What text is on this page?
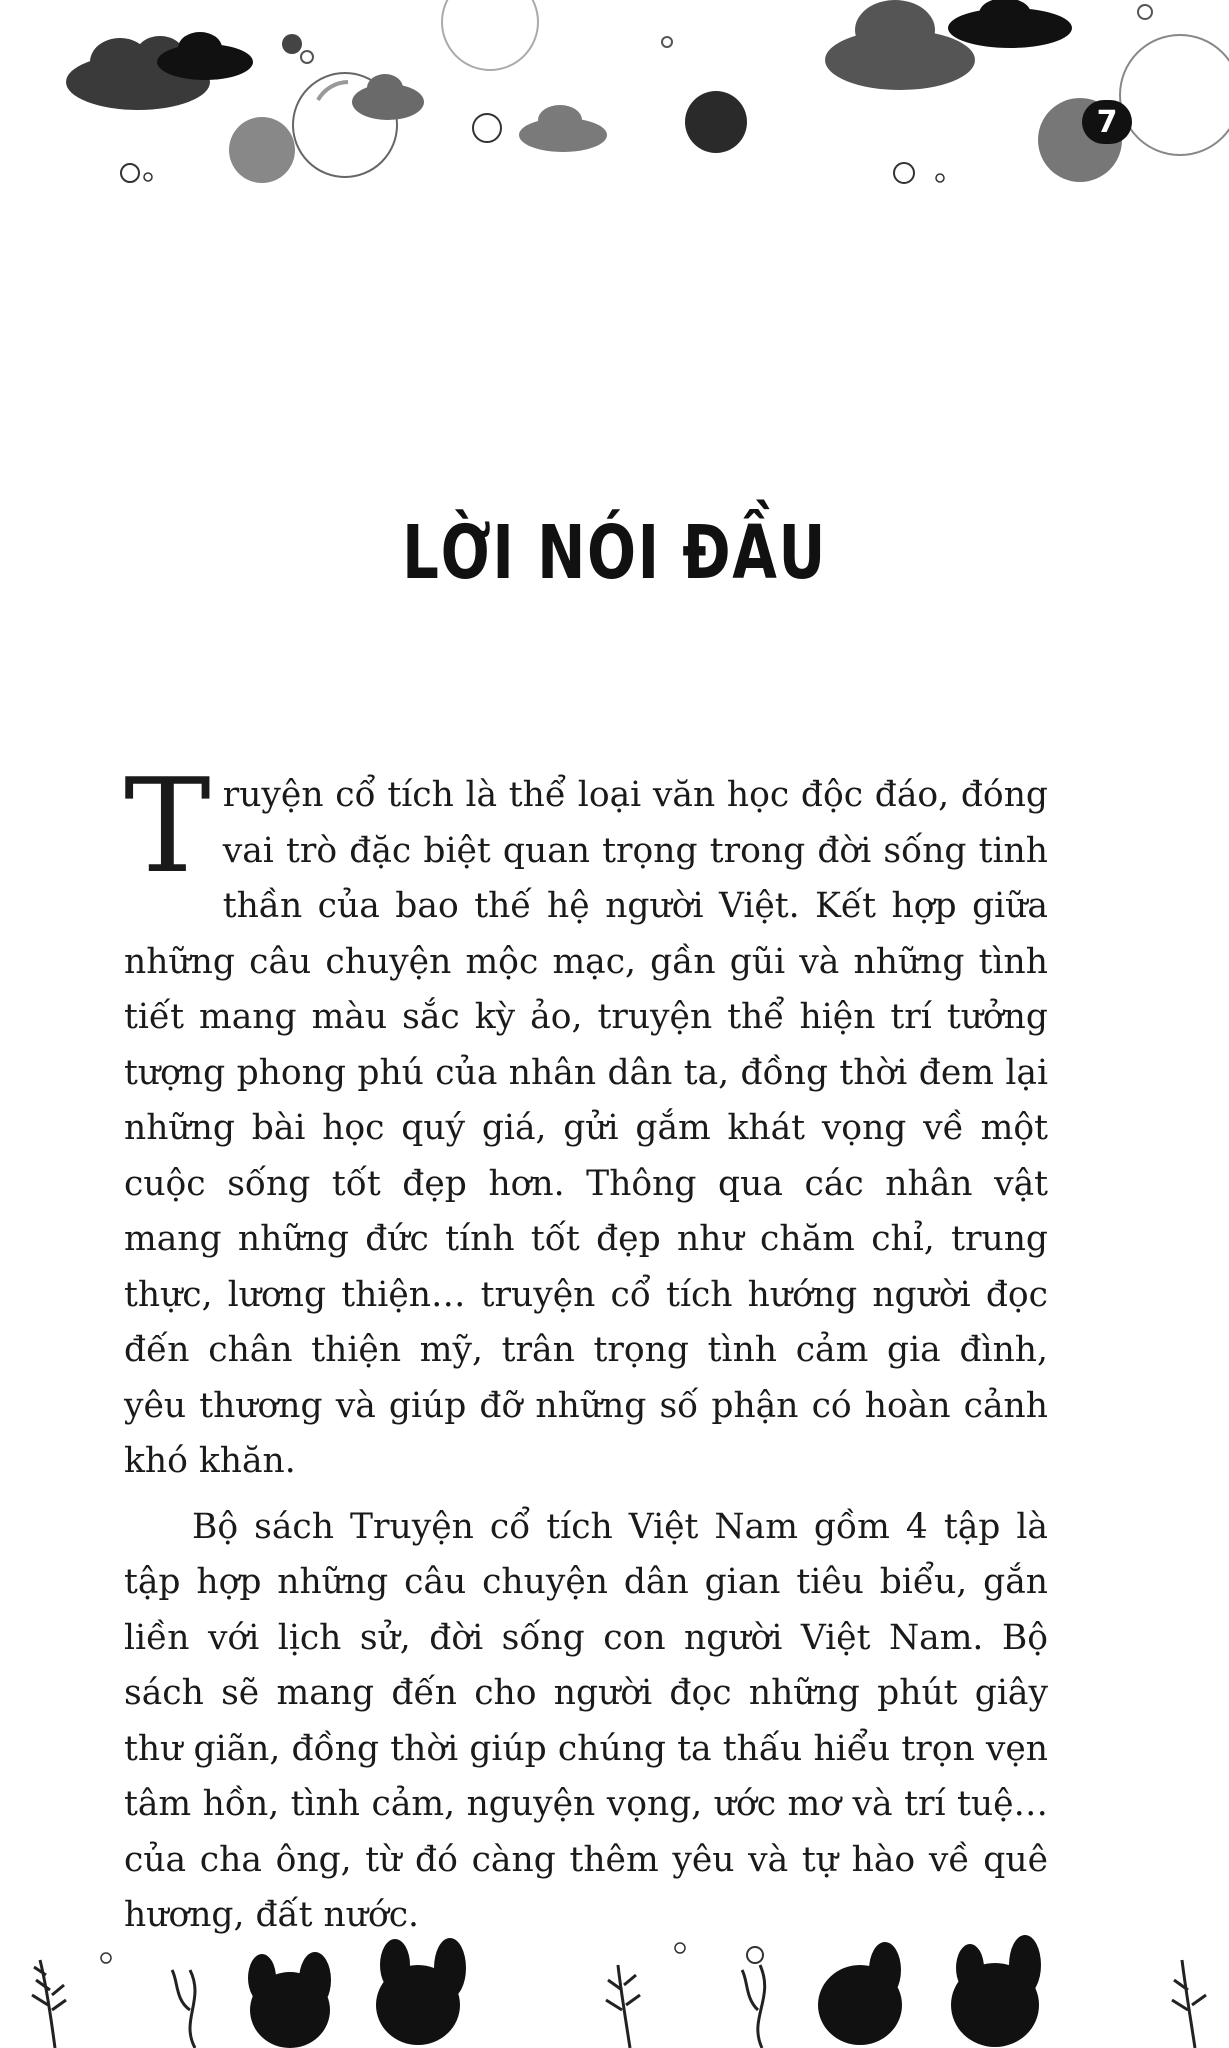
7
LỜI NÓI ĐẦU

Truyện cổ tích là thể loại văn học độc đáo, đóng vai trò đặc biệt quan trọng trong đời sống tinh thần của bao thế hệ người Việt. Kết hợp giữa những câu chuyện mộc mạc, gần gũi và những tình tiết mang màu sắc kỳ ảo, truyện thể hiện trí tưởng tượng phong phú của nhân dân ta, đồng thời đem lại những bài học quý giá, gửi gắm khát vọng về một cuộc sống tốt đẹp hơn. Thông qua các nhân vật mang những đức tính tốt đẹp như chăm chỉ, trung thực, lương thiện… truyện cổ tích hướng người đọc đến chân thiện mỹ, trân trọng tình cảm gia đình, yêu thương và giúp đỡ những số phận có hoàn cảnh khó khăn.

Bộ sách Truyện cổ tích Việt Nam gồm 4 tập là tập hợp những câu chuyện dân gian tiêu biểu, gắn liền với lịch sử, đời sống con người Việt Nam. Bộ sách sẽ mang đến cho người đọc những phút giây thư giãn, đồng thời giúp chúng ta thấu hiểu trọn vẹn tâm hồn, tình cảm, nguyện vọng, ước mơ và trí tuệ… của cha ông, từ đó càng thêm yêu và tự hào về quê hương, đất nước.
